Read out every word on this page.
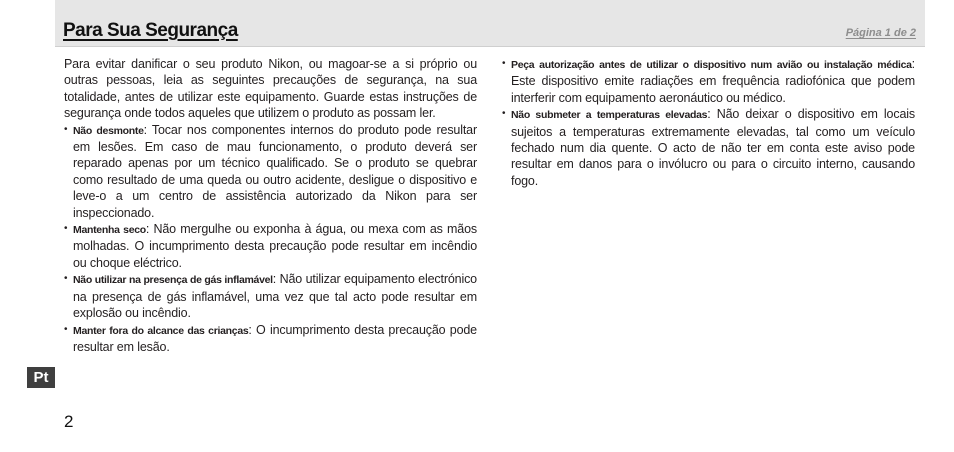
Para Sua Segurança	Página 1 de 2

Para evitar danificar o seu produto Nikon, ou magoar-se a si próprio ou outras pessoas, leia as seguintes precauções de segurança, na sua totalidade, antes de utilizar este equipamento. Guarde estas instruções de segurança onde todos aqueles que utilizem o produto as possam ler.

• Não desmonte: Tocar nos componentes internos do produto pode resultar em lesões. Em caso de mau funcionamento, o produto deverá ser reparado apenas por um técnico qualificado. Se o produto se quebrar como resultado de uma queda ou outro acidente, desligue o dispositivo e leve-o a um centro de assistência autorizado da Nikon para ser inspeccionado.
• Mantenha seco: Não mergulhe ou exponha à água, ou mexa com as mãos molhadas. O incumprimento desta precaução pode resultar em incêndio ou choque eléctrico.
• Não utilizar na presença de gás inflamável: Não utilizar equipamento electrónico na presença de gás inflamável, uma vez que tal acto pode resultar em explosão ou incêndio.
• Manter fora do alcance das crianças: O incumprimento desta precaução pode resultar em lesão.
• Peça autorização antes de utilizar o dispositivo num avião ou instalação médica: Este dispositivo emite radiações em frequência radiofónica que podem interferir com equipamento aeronáutico ou médico.
• Não submeter a temperaturas elevadas: Não deixar o dispositivo em locais sujeitos a temperaturas extremamente elevadas, tal como um veículo fechado num dia quente. O acto de não ter em conta este aviso pode resultar em danos para o invólucro ou para o circuito interno, causando fogo.
Pt
2
